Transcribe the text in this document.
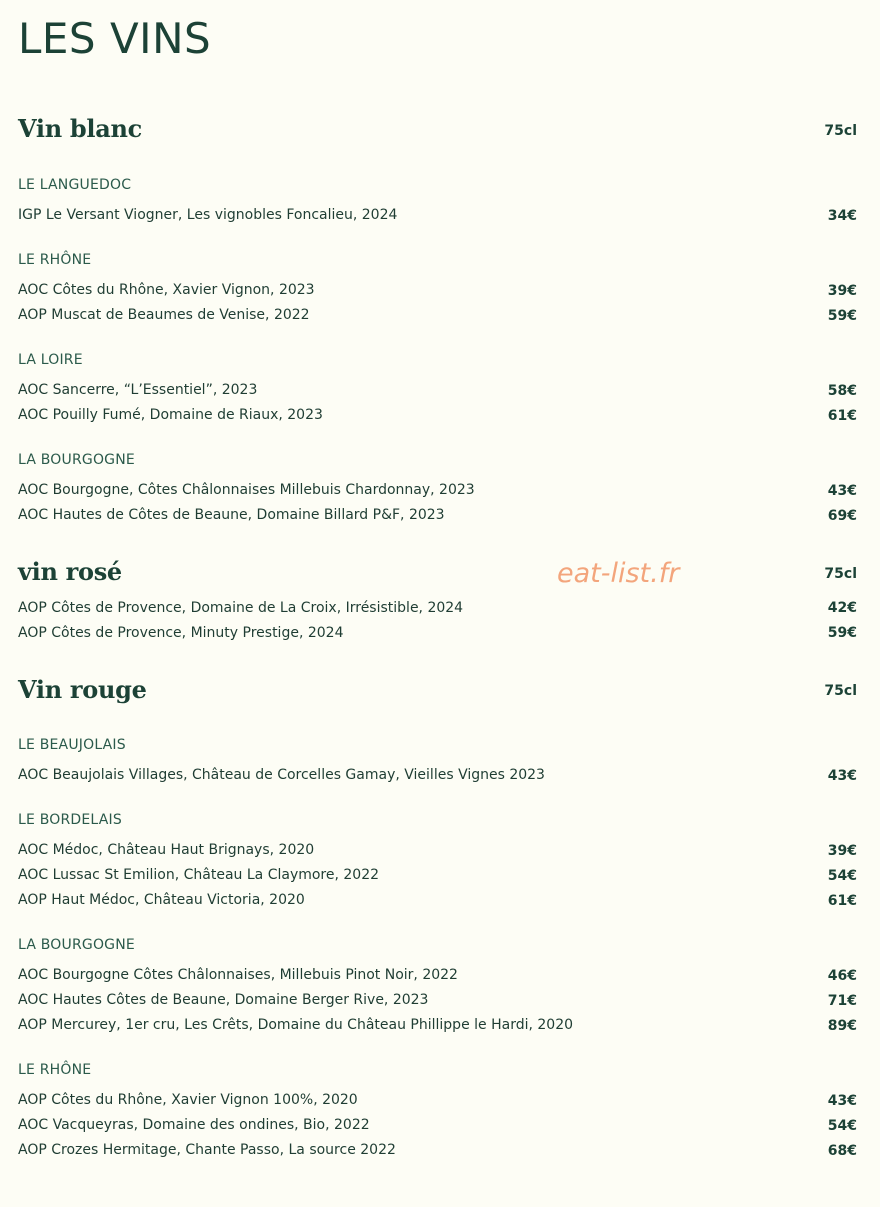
LES VINS
Vin blanc	75cl
LE LANGUEDOC
IGP Le Versant Viogner, Les vignobles Foncalieu, 2024	34€
LE RHÔNE
AOC Côtes du Rhône, Xavier Vignon, 2023	39€
AOP Muscat de Beaumes de Venise, 2022	59€
LA LOIRE
AOC Sancerre, “L’Essentiel”, 2023	58€
AOC Pouilly Fumé, Domaine de Riaux, 2023	61€
LA BOURGOGNE
AOC Bourgogne, Côtes Châlonnaises Millebuis Chardonnay, 2023	43€
AOC Hautes de Côtes de Beaune, Domaine Billard P&F, 2023	69€
vin rosé	75cl
AOP Côtes de Provence, Domaine de La Croix, Irrésistible, 2024	42€
AOP Côtes de Provence, Minuty Prestige, 2024	59€
Vin rouge	75cl
LE BEAUJOLAIS
AOC Beaujolais Villages, Château de Corcelles Gamay, Vieilles Vignes 2023	43€
LE BORDELAIS
AOC Médoc, Château Haut Brignays, 2020	39€
AOC Lussac St Emilion, Château La Claymore, 2022	54€
AOP Haut Médoc, Château Victoria, 2020	61€
LA BOURGOGNE
AOC Bourgogne Côtes Châlonnaises, Millebuis Pinot Noir, 2022	46€
AOC Hautes Côtes de Beaune, Domaine Berger Rive, 2023	71€
AOP Mercurey, 1er cru, Les Crêts, Domaine du Château Phillippe le Hardi, 2020	89€
LE RHÔNE
AOP Côtes du Rhône, Xavier Vignon 100%, 2020	43€
AOC Vacqueyras, Domaine des ondines, Bio, 2022	54€
AOP Crozes Hermitage, Chante Passo, La source 2022	68€
eat-list.fr
